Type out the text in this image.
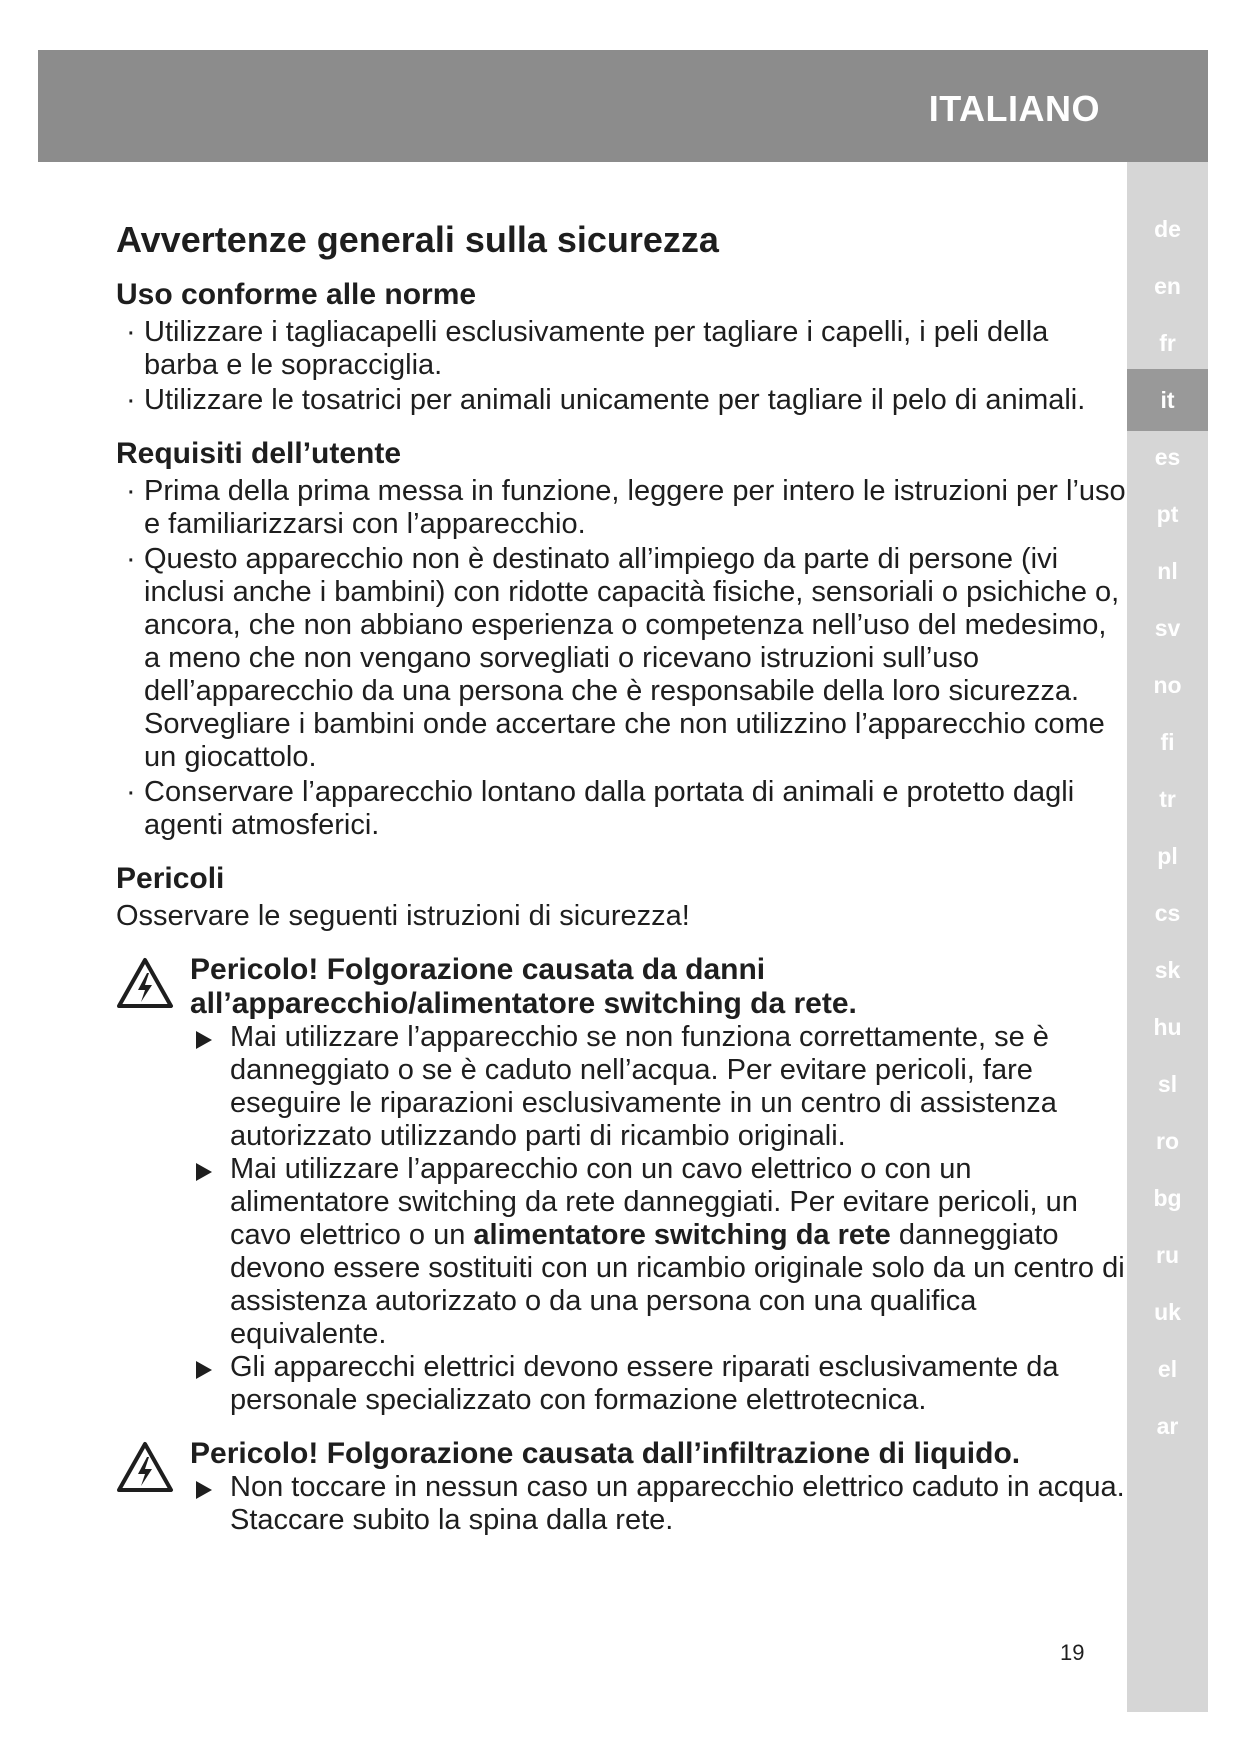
ITALIANO
de
en
fr
it
es
pt
nl
sv
no
fi
tr
pl
cs
sk
hu
sl
ro
bg
ru
uk
el
ar
Avvertenze generali sulla sicurezza
Uso conforme alle norme
· Utilizzare i tagliacapelli esclusivamente per tagliare i capelli, i peli della barba e le sopracciglia.
· Utilizzare le tosatrici per animali unicamente per tagliare il pelo di animali.
Requisiti dell’utente
· Prima della prima messa in funzione, leggere per intero le istruzioni per l’uso e familiarizzarsi con l’apparecchio.
· Questo apparecchio non è destinato all’impiego da parte di persone (ivi inclusi anche i bambini) con ridotte capacità fisiche, sensoriali o psichiche o, ancora, che non abbiano esperienza o competenza nell’uso del medesimo, a meno che non vengano sorvegliati o ricevano istruzioni sull’uso dell’apparecchio da una persona che è responsabile della loro sicurezza. Sorvegliare i bambini onde accertare che non utilizzino l’apparecchio come un giocattolo.
· Conservare l’apparecchio lontano dalla portata di animali e protetto dagli agenti atmosferici.
Pericoli

Osservare le seguenti istruzioni di sicurezza!

Pericolo! Folgorazione causata da danni all’apparecchio/alimentatore switching da rete.

Mai utilizzare l’apparecchio se non funziona correttamente, se è danneggiato o se è caduto nell’acqua. Per evitare pericoli, fare eseguire le riparazioni esclusivamente in un centro di assistenza autorizzato utilizzando parti di ricambio originali.
Mai utilizzare l’apparecchio con un cavo elettrico o con un alimentatore switching da rete danneggiati. Per evitare pericoli, un cavo elettrico o un alimentatore switching da rete danneggiato devono essere sostituiti con un ricambio originale solo da un centro di assistenza autorizzato o da una persona con una qualifica equivalente.
Gli apparecchi elettrici devono essere riparati esclusivamente da personale specializzato con formazione elettrotecnica.

Pericolo! Folgorazione causata dall’infiltrazione di liquido.

Non toccare in nessun caso un apparecchio elettrico caduto in acqua. Staccare subito la spina dalla rete.
19
